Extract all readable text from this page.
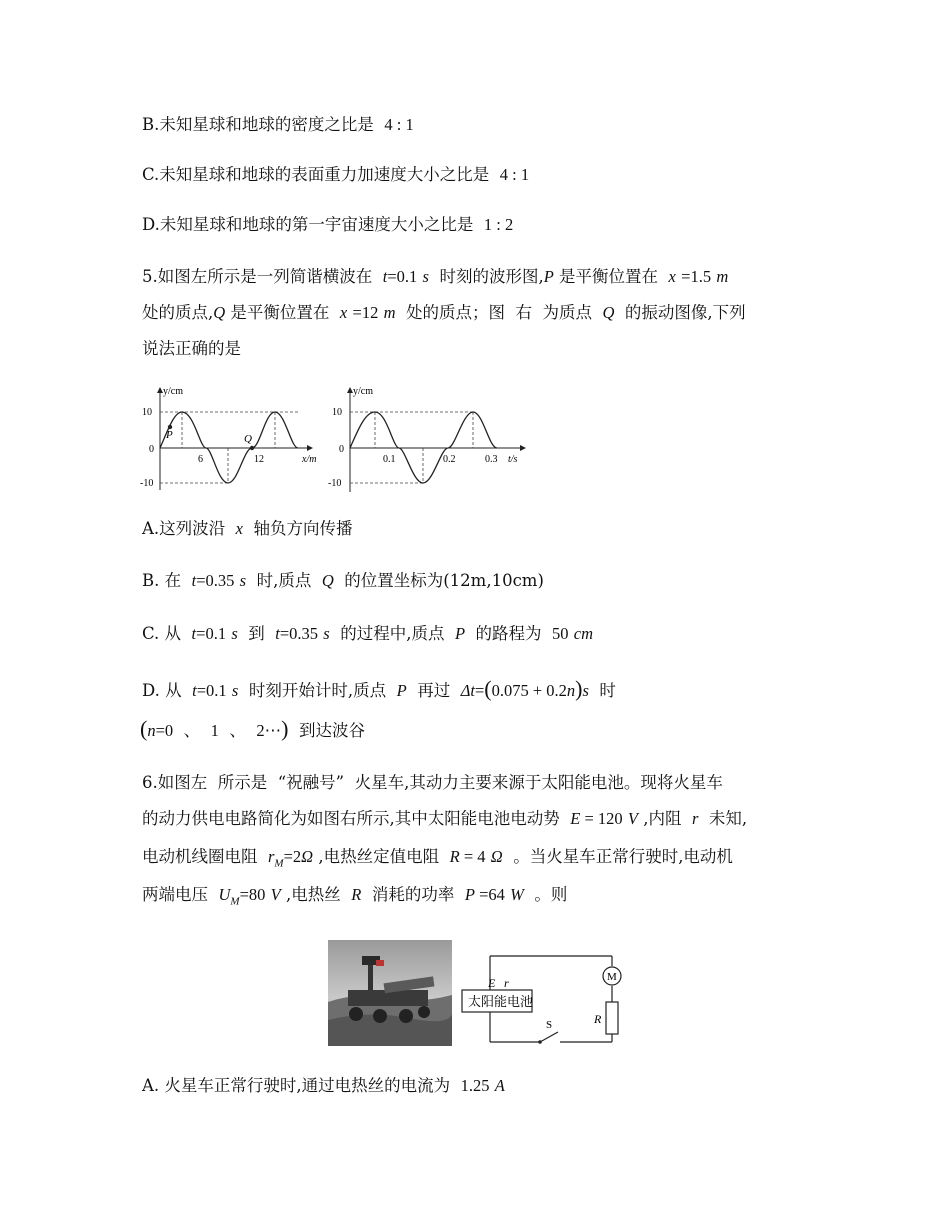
B.未知星球和地球的密度之比是 4 : 1
C.未知星球和地球的表面重力加速度大小之比是 4 : 1
D.未知星球和地球的第一宇宙速度大小之比是 1 : 2
5.如图左所示是一列简谐横波在 t=0.1 s 时刻的波形图,P 是平衡位置在 x =1.5 m
处的质点,Q 是平衡位置在 x =12 m 处的质点；图 右 为质点 Q 的振动图像,下列
说法正确的是
y/cm
10
0
-10
6	12	x/m
P	Q
y/cm
10
0
-10
0.1	0.2	0.3 t/s
A.这列波沿 x 轴负方向传播
B. 在 t=0.35 s 时,质点 Q 的位置坐标为(12m,10cm)
C. 从 t=0.1 s 到 t=0.35 s 的过程中,质点 P 的路程为 50 cm
D. 从 t=0.1 s 时刻开始计时,质点 P 再过 Δt=(0.075 + 0.2n)s 时
(n=0 、 1 、 2⋯) 到达波谷
6.如图左 所示是 “祝融号” 火星车,其动力主要来源于太阳能电池。现将火星车
的动力供电电路简化为如图右所示,其中太阳能电池电动势 E = 120 V ,内阻 r 未知,
电动机线圈电阻 $r_M=2\Omega$ ,电热丝定值电阻 R = 4 Ω 。当火星车正常行驶时,电动机
两端电压 $U_M=80$ V ,电热丝 R 消耗的功率 P =64 W 。则
E r
太阳能电池
M
R
S
A. 火星车正常行驶时,通过电热丝的电流为 1.25 A
